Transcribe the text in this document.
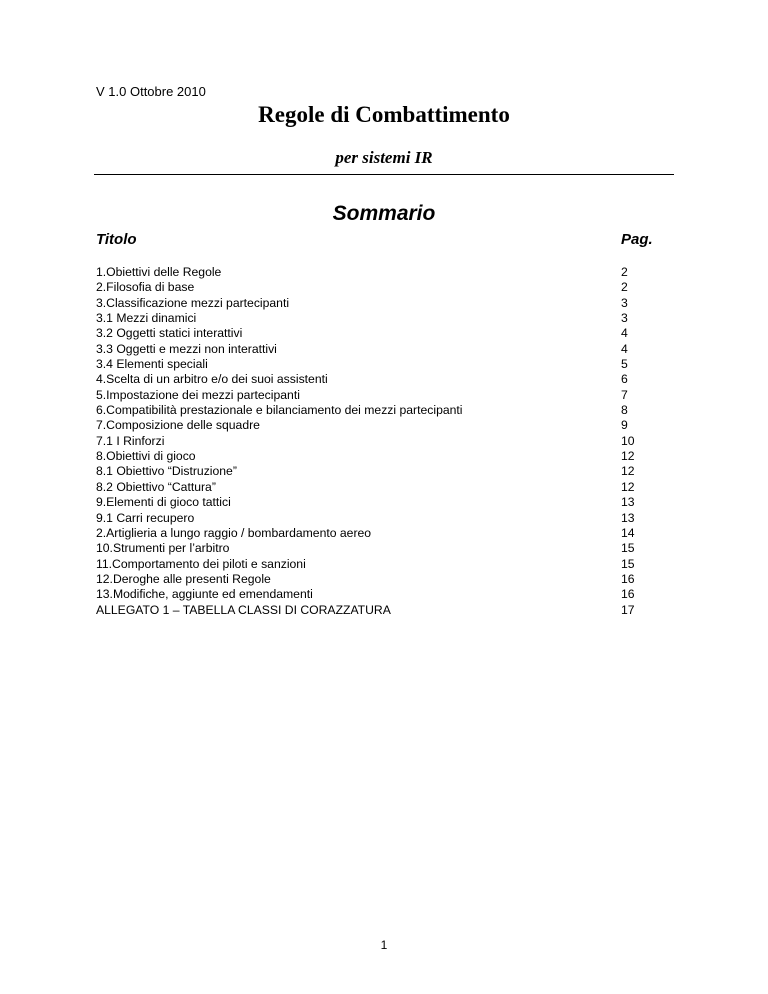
V 1.0 Ottobre 2010
Regole di Combattimento
per sistemi IR
Sommario
Titolo	Pag.
1.Obiettivi delle Regole	2
2.Filosofia di base	2
3.Classificazione mezzi partecipanti	3
3.1 Mezzi dinamici	3
3.2 Oggetti statici interattivi	4
3.3 Oggetti e mezzi non interattivi	4
3.4 Elementi speciali	5
4.Scelta di un arbitro e/o dei suoi assistenti	6
5.Impostazione dei mezzi partecipanti	7
6.Compatibilità prestazionale e bilanciamento dei mezzi partecipanti	8
7.Composizione delle squadre	9
7.1 I Rinforzi	10
8.Obiettivi di gioco	12
8.1 Obiettivo “Distruzione”	12
8.2 Obiettivo “Cattura”	12
9.Elementi di gioco tattici	13
9.1 Carri recupero	13
2.Artiglieria a lungo raggio / bombardamento aereo	14
10.Strumenti per l’arbitro	15
11.Comportamento dei piloti e sanzioni	15
12.Deroghe alle presenti Regole	16
13.Modifiche, aggiunte ed emendamenti	16
ALLEGATO 1 – TABELLA CLASSI DI CORAZZATURA	17
1
